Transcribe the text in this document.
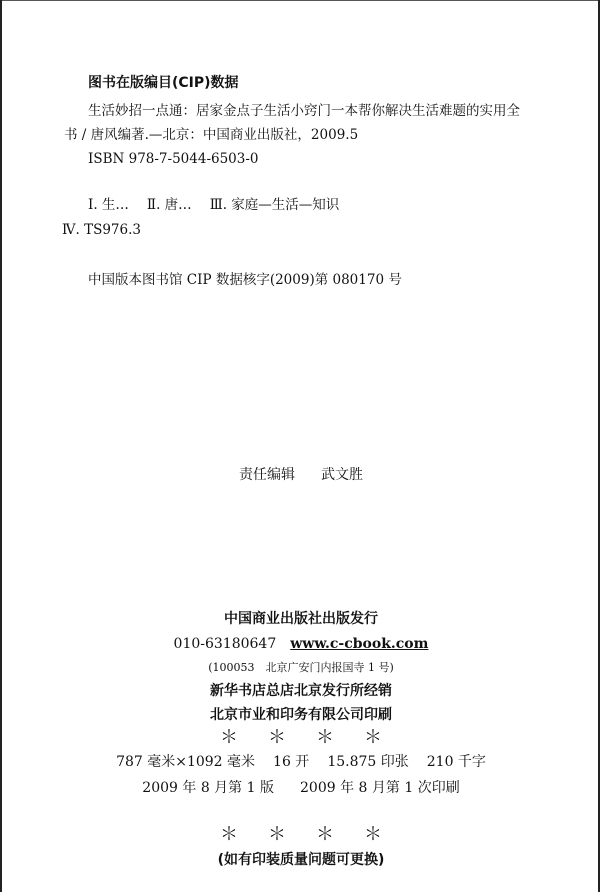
图书在版编目(CIP)数据
生活妙招一点通：居家金点子生活小窍门一本帮你解决生活难题的实用全
书 / 唐风编著.—北京：中国商业出版社，2009.5
ISBN 978-7-5044-6503-0
Ⅰ. 生… Ⅱ. 唐… Ⅲ. 家庭—生活—知识
Ⅳ. TS976.3
中国版本图书馆 CIP 数据核字(2009)第 080170 号
责任编辑 武文胜
中国商业出版社出版发行
010-63180647 www.c-cbook.com
(100053　北京广安门内报国寺 1 号)
新华书店总店北京发行所经销
北京市业和印务有限公司印刷
＊＊＊＊
787 毫米×1092 毫米 16 开 15.875 印张 210 千字
2009 年 8 月第 1 版 2009 年 8 月第 1 次印刷
＊＊＊＊
(如有印装质量问题可更换)
